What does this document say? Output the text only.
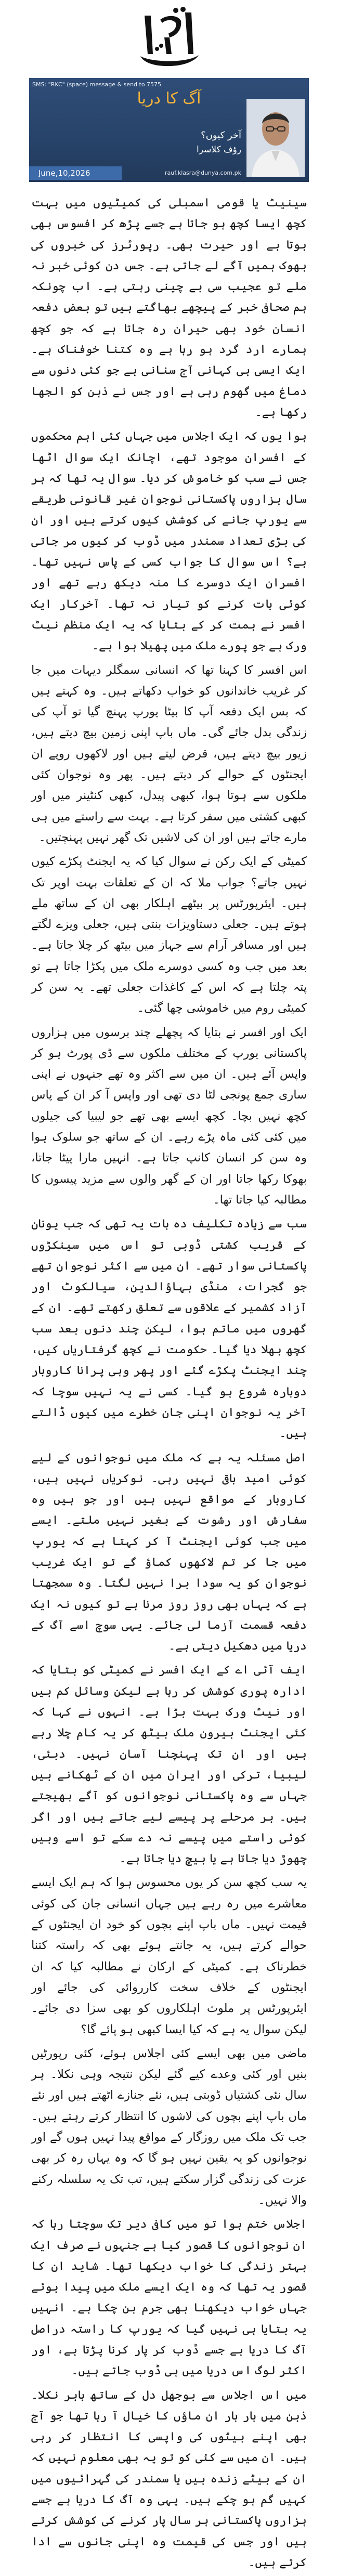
SMS: "RKC" (space) message & send to 7575
آگ کا دریا
آخر کیوں؟
رؤف کلاسرا
rauf.klasra@dunya.com.pk
June,10,2026

سینیٹ یا قومی اسمبلی کی کمیٹیوں میں بہت کچھ ایسا کچھ ہو جاتا ہے جسے پڑھ کر افسوس بھی ہوتا ہے اور حیرت بھی۔ رپورٹرز کی خبروں کی بھوک ہمیں آگے لے جاتی ہے۔ جس دن کوئی خبر نہ ملے تو عجیب سی بے چینی رہتی ہے۔ اب چونکہ ہم صحافی خبر کے پیچھے بھاگتے ہیں تو بعض دفعہ انسان خود بھی حیران رہ جاتا ہے کہ جو کچھ ہمارے ارد گرد ہو رہا ہے وہ کتنا خوفناک ہے۔ ایک ایسی ہی کہانی آج سنانی ہے جو کئی دنوں سے دماغ میں گھوم رہی ہے اور جس نے ذہن کو الجھا رکھا ہے۔

ہوا یوں کہ ایک اجلاس میں جہاں کئی اہم محکموں کے افسران موجود تھے، اچانک ایک سوال اٹھا جس نے سب کو خاموش کر دیا۔ سوال یہ تھا کہ ہر سال ہزاروں پاکستانی نوجوان غیر قانونی طریقے سے یورپ جانے کی کوشش کیوں کرتے ہیں اور ان کی بڑی تعداد سمندر میں ڈوب کر کیوں مر جاتی ہے؟ اس سوال کا جواب کسی کے پاس نہیں تھا۔ افسران ایک دوسرے کا منہ دیکھ رہے تھے اور کوئی بات کرنے کو تیار نہ تھا۔ آخرکار ایک افسر نے ہمت کر کے بتایا کہ یہ ایک منظم نیٹ ورک ہے جو پورے ملک میں پھیلا ہوا ہے۔

اس افسر کا کہنا تھا کہ انسانی سمگلر دیہات میں جا کر غریب خاندانوں کو خواب دکھاتے ہیں۔ وہ کہتے ہیں کہ بس ایک دفعہ آپ کا بیٹا یورپ پہنچ گیا تو آپ کی زندگی بدل جائے گی۔ ماں باپ اپنی زمین بیچ دیتے ہیں، زیور بیچ دیتے ہیں، قرض لیتے ہیں اور لاکھوں روپے ان ایجنٹوں کے حوالے کر دیتے ہیں۔ پھر وہ نوجوان کئی ملکوں سے ہوتا ہوا، کبھی پیدل، کبھی کنٹینر میں اور کبھی کشتی میں سفر کرتا ہے۔ بہت سے راستے میں ہی مارے جاتے ہیں اور ان کی لاشیں تک گھر نہیں پہنچتیں۔

کمیٹی کے ایک رکن نے سوال کیا کہ یہ ایجنٹ پکڑے کیوں نہیں جاتے؟ جواب ملا کہ ان کے تعلقات بہت اوپر تک ہیں۔ ایئرپورٹس پر بیٹھے اہلکار بھی ان کے ساتھ ملے ہوتے ہیں۔ جعلی دستاویزات بنتی ہیں، جعلی ویزے لگتے ہیں اور مسافر آرام سے جہاز میں بیٹھ کر چلا جاتا ہے۔ بعد میں جب وہ کسی دوسرے ملک میں پکڑا جاتا ہے تو پتہ چلتا ہے کہ اس کے کاغذات جعلی تھے۔ یہ سن کر کمیٹی روم میں خاموشی چھا گئی۔

ایک اور افسر نے بتایا کہ پچھلے چند برسوں میں ہزاروں پاکستانی یورپ کے مختلف ملکوں سے ڈی پورٹ ہو کر واپس آئے ہیں۔ ان میں سے اکثر وہ تھے جنہوں نے اپنی ساری جمع پونجی لٹا دی تھی اور واپس آ کر ان کے پاس کچھ نہیں بچا۔ کچھ ایسے بھی تھے جو لیبیا کی جیلوں میں کئی کئی ماہ پڑے رہے۔ ان کے ساتھ جو سلوک ہوا وہ سن کر انسان کانپ جاتا ہے۔ انہیں مارا پیٹا جاتا، بھوکا رکھا جاتا اور ان کے گھر والوں سے مزید پیسوں کا مطالبہ کیا جاتا تھا۔

سب سے زیادہ تکلیف دہ بات یہ تھی کہ جب یونان کے قریب کشتی ڈوبی تو اس میں سینکڑوں پاکستانی سوار تھے۔ ان میں سے اکثر نوجوان تھے جو گجرات، منڈی بہاؤالدین، سیالکوٹ اور آزاد کشمیر کے علاقوں سے تعلق رکھتے تھے۔ ان کے گھروں میں ماتم ہوا، لیکن چند دنوں بعد سب کچھ بھلا دیا گیا۔ حکومت نے کچھ گرفتاریاں کیں، چند ایجنٹ پکڑے گئے اور پھر وہی پرانا کاروبار دوبارہ شروع ہو گیا۔ کسی نے یہ نہیں سوچا کہ آخر یہ نوجوان اپنی جان خطرے میں کیوں ڈالتے ہیں۔

اصل مسئلہ یہ ہے کہ ملک میں نوجوانوں کے لیے کوئی امید باقی نہیں رہی۔ نوکریاں نہیں ہیں، کاروبار کے مواقع نہیں ہیں اور جو ہیں وہ سفارش اور رشوت کے بغیر نہیں ملتے۔ ایسے میں جب کوئی ایجنٹ آ کر کہتا ہے کہ یورپ میں جا کر تم لاکھوں کماؤ گے تو ایک غریب نوجوان کو یہ سودا برا نہیں لگتا۔ وہ سمجھتا ہے کہ یہاں بھی روز روز مرنا ہے تو کیوں نہ ایک دفعہ قسمت آزما لی جائے۔ یہی سوچ اسے آگ کے دریا میں دھکیل دیتی ہے۔

ایف آئی اے کے ایک افسر نے کمیٹی کو بتایا کہ ادارہ پوری کوشش کر رہا ہے لیکن وسائل کم ہیں اور نیٹ ورک بہت بڑا ہے۔ انہوں نے کہا کہ کئی ایجنٹ بیرون ملک بیٹھ کر یہ کام چلا رہے ہیں اور ان تک پہنچنا آسان نہیں۔ دبئی، لیبیا، ترکی اور ایران میں ان کے ٹھکانے ہیں جہاں سے وہ پاکستانی نوجوانوں کو آگے بھیجتے ہیں۔ ہر مرحلے پر پیسے لیے جاتے ہیں اور اگر کوئی راستے میں پیسے نہ دے سکے تو اسے وہیں چھوڑ دیا جاتا ہے یا بیچ دیا جاتا ہے۔

یہ سب کچھ سن کر یوں محسوس ہوا کہ ہم ایک ایسے معاشرے میں رہ رہے ہیں جہاں انسانی جان کی کوئی قیمت نہیں۔ ماں باپ اپنے بچوں کو خود ان ایجنٹوں کے حوالے کرتے ہیں، یہ جانتے ہوئے بھی کہ راستہ کتنا خطرناک ہے۔ کمیٹی کے ارکان نے مطالبہ کیا کہ ان ایجنٹوں کے خلاف سخت کارروائی کی جائے اور ایئرپورٹس پر ملوث اہلکاروں کو بھی سزا دی جائے۔ لیکن سوال یہ ہے کہ کیا ایسا کبھی ہو پائے گا؟

ماضی میں بھی ایسے کئی اجلاس ہوئے، کئی رپورٹیں بنیں اور کئی وعدے کیے گئے لیکن نتیجہ وہی نکلا۔ ہر سال نئی کشتیاں ڈوبتی ہیں، نئے جنازے اٹھتے ہیں اور نئے ماں باپ اپنے بچوں کی لاشوں کا انتظار کرتے رہتے ہیں۔ جب تک ملک میں روزگار کے مواقع پیدا نہیں ہوں گے اور نوجوانوں کو یہ یقین نہیں ہو گا کہ وہ یہاں رہ کر بھی عزت کی زندگی گزار سکتے ہیں، تب تک یہ سلسلہ رکنے والا نہیں۔

اجلاس ختم ہوا تو میں کافی دیر تک سوچتا رہا کہ ان نوجوانوں کا قصور کیا ہے جنہوں نے صرف ایک بہتر زندگی کا خواب دیکھا تھا۔ شاید ان کا قصور یہ تھا کہ وہ ایک ایسے ملک میں پیدا ہوئے جہاں خواب دیکھنا بھی جرم بن چکا ہے۔ انہیں یہ بتایا ہی نہیں گیا کہ یورپ کا راستہ دراصل آگ کا دریا ہے جسے ڈوب کر پار کرنا پڑتا ہے، اور اکثر لوگ اس دریا میں ہی ڈوب جاتے ہیں۔

میں اس اجلاس سے بوجھل دل کے ساتھ باہر نکلا۔ ذہن میں بار بار ان ماؤں کا خیال آ رہا تھا جو آج بھی اپنے بیٹوں کی واپسی کا انتظار کر رہی ہیں۔ ان میں سے کئی کو تو یہ بھی معلوم نہیں کہ ان کے بیٹے زندہ ہیں یا سمندر کی گہرائیوں میں کہیں گم ہو چکے ہیں۔ یہی وہ آگ کا دریا ہے جسے ہزاروں پاکستانی ہر سال پار کرنے کی کوشش کرتے ہیں اور جس کی قیمت وہ اپنی جانوں سے ادا کرتے ہیں۔
